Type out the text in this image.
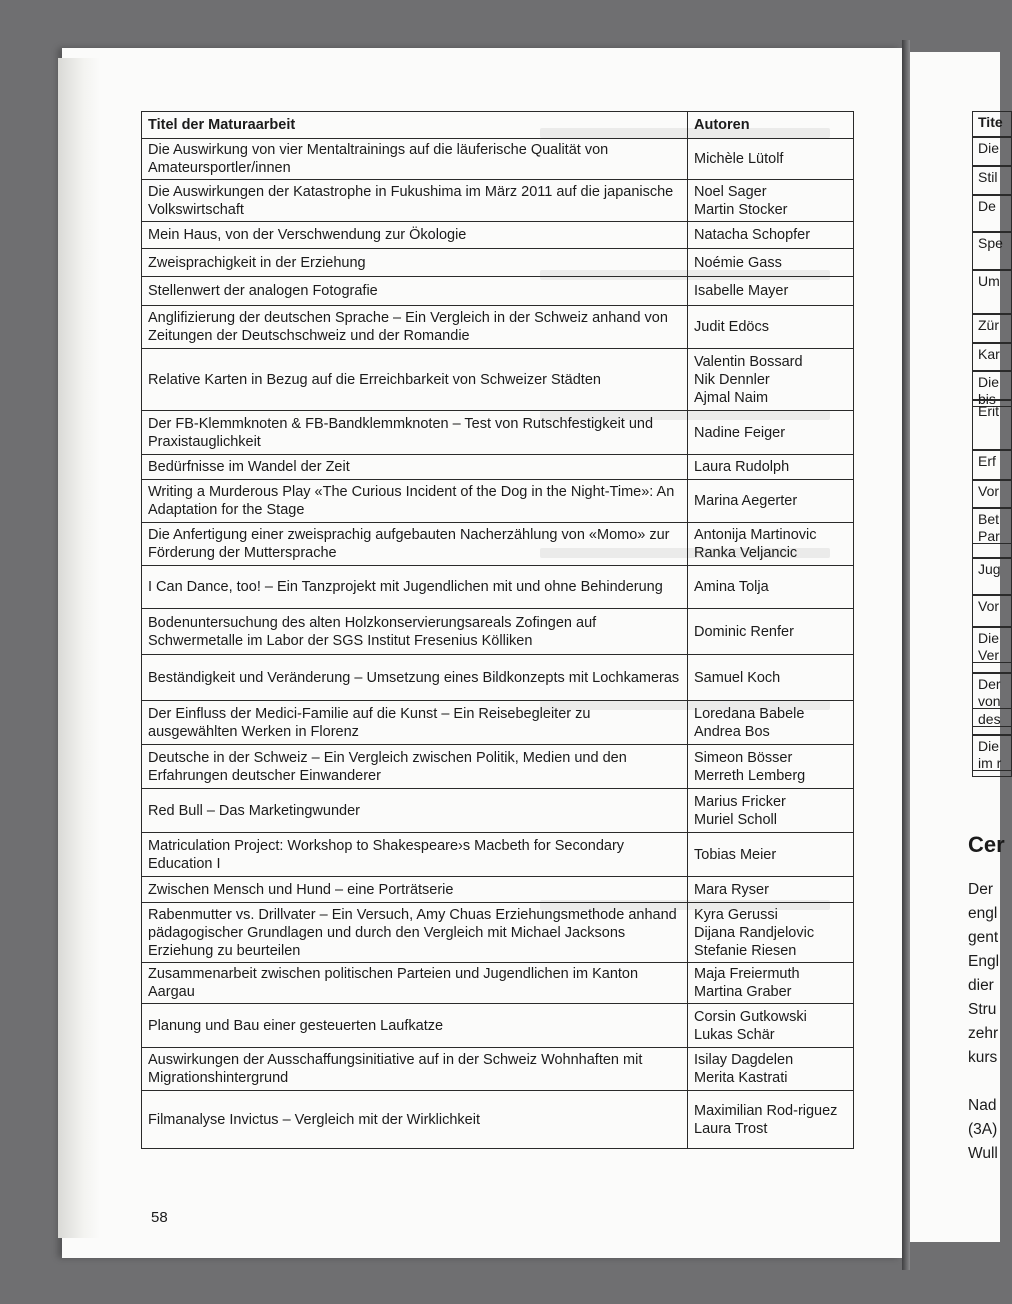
Titel der Maturaarbeit	Autoren
Die Auswirkung von vier Mentaltrainings auf die läuferische Qualität von Amateursportler/innen	Michèle Lütolf

Die Auswirkungen der Katastrophe in Fukushima im März 2011 auf die japanische Volkswirtschaft	Noel Sager
Martin Stocker

Mein Haus, von der Verschwendung zur Ökologie	Natacha Schopfer

Zweisprachigkeit in der Erziehung	Noémie Gass

Stellenwert der analogen Fotografie	Isabelle Mayer

Anglifizierung der deutschen Sprache – Ein Vergleich in der Schweiz anhand von Zeitungen der Deutschschweiz und der Romandie	Judit Edöcs

Relative Karten in Bezug auf die Erreichbarkeit von Schweizer Städten	Valentin Bossard
Nik Dennler
Ajmal Naim

Der FB-Klemmknoten & FB-Bandklemmknoten – Test von Rutschfestigkeit und Praxistauglichkeit	Nadine Feiger

Bedürfnisse im Wandel der Zeit	Laura Rudolph

Writing a Murderous Play «The Curious Incident of the Dog in the Night-Time»: An Adaptation for the Stage	Marina Aegerter

Die Anfertigung einer zweisprachig aufgebauten Nacherzählung von «Momo» zur Förderung der Muttersprache	Antonija Martinovic
Ranka Veljancic

I Can Dance, too! – Ein Tanzprojekt mit Jugendlichen mit und ohne Behinderung	Amina Tolja

Bodenuntersuchung des alten Holzkonservierungsareals Zofingen auf Schwermetalle im Labor der SGS Institut Fresenius Kölliken	Dominic Renfer

Beständigkeit und Veränderung – Umsetzung eines Bildkonzepts mit Lochkameras	Samuel Koch

Der Einfluss der Medici-Familie auf die Kunst – Ein Reisebegleiter zu ausgewählten Werken in Florenz	Loredana Babele
Andrea Bos

Deutsche in der Schweiz – Ein Vergleich zwischen Politik, Medien und den Erfahrungen deutscher Einwanderer	Simeon Bösser
Merreth Lemberg

Red Bull – Das Marketingwunder	Marius Fricker
Muriel Scholl

Matriculation Project: Workshop to Shakespeare›s Macbeth for Secondary Education I	Tobias Meier

Zwischen Mensch und Hund – eine Porträtserie	Mara Ryser

Rabenmutter vs. Drillvater – Ein Versuch, Amy Chuas Erziehungsmethode anhand pädagogischer Grundlagen und durch den Vergleich mit Michael Jacksons Erziehung zu beurteilen	Kyra Gerussi
Dijana Randjelovic
Stefanie Riesen

Zusammenarbeit zwischen politischen Parteien und Jugendlichen im Kanton Aargau	Maja Freiermuth
Martina Graber

Planung und Bau einer gesteuerten Laufkatze	Corsin Gutkowski
Lukas Schär

Auswirkungen der Ausschaffungsinitiative auf in der Schweiz Wohnhaften mit Migrationshintergrund	Isilay Dagdelen
Merita Kastrati

Filmanalyse Invictus – Vergleich mit der Wirklichkeit	Maximilian Rod-riguez
Laura Trost
58
Tite
Die
Stil
De
Spe
Um
Zür
Kar
Die
bis
Erit
Erf
Vor
Bet
Par
Jug
Vor
Die
Ver
Der
von
des
Die
im r
Cer
Der
engl
gent
Engl
dier
Stru
zehr
kurs
Nad
(3A)
Wull
